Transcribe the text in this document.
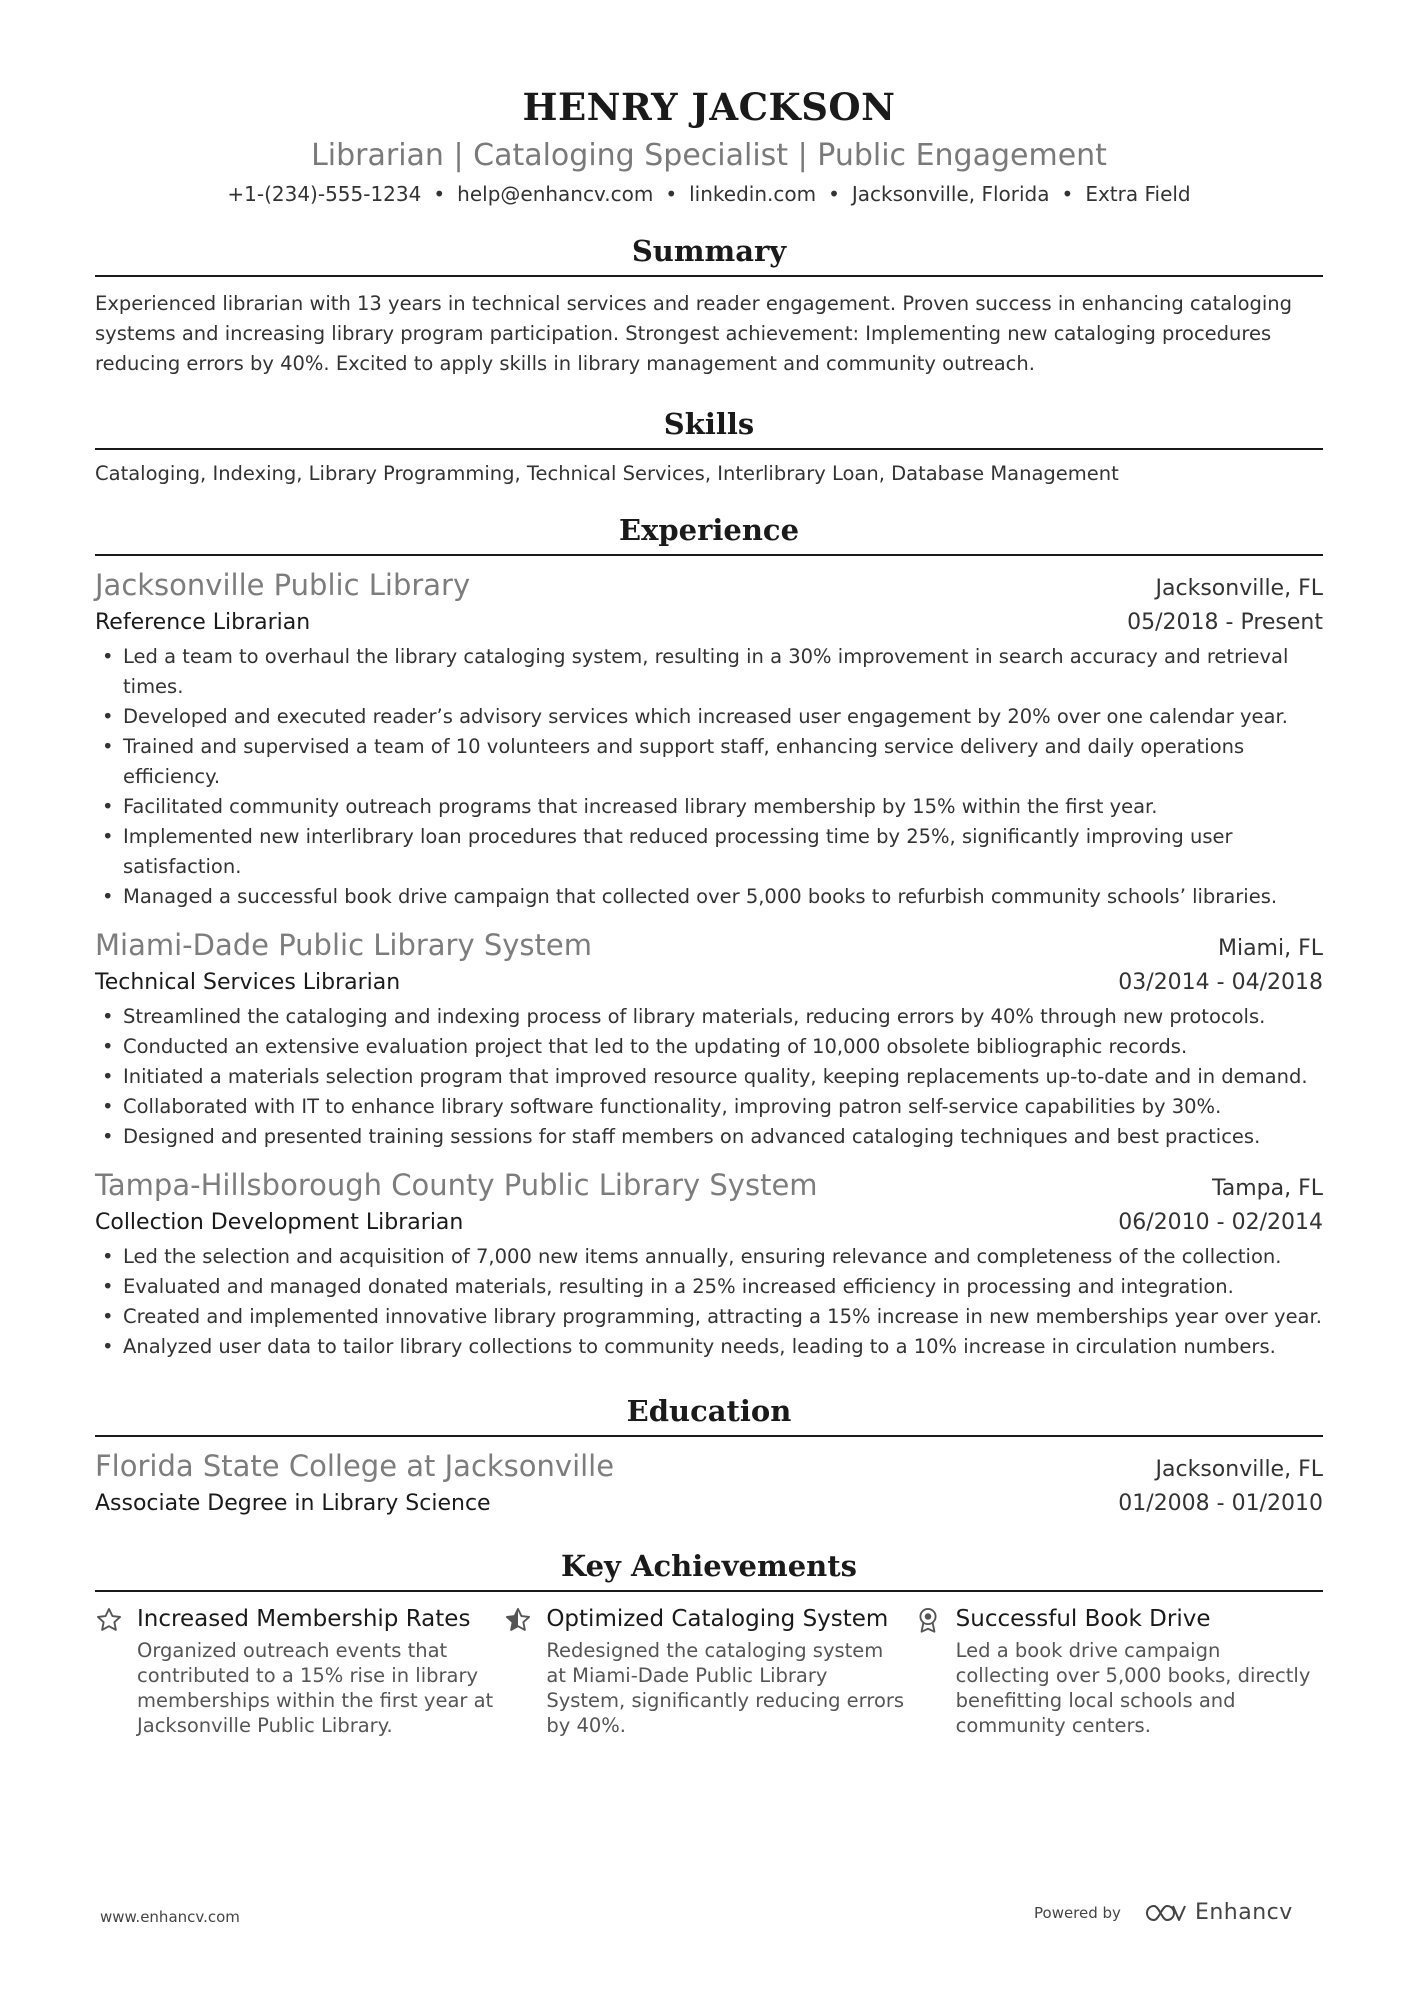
HENRY JACKSON
Librarian | Cataloging Specialist | Public Engagement
+1-(234)-555-1234 • help@enhancv.com • linkedin.com • Jacksonville, Florida • Extra Field
Summary
Experienced librarian with 13 years in technical services and reader engagement. Proven success in enhancing cataloging systems and increasing library program participation. Strongest achievement: Implementing new cataloging procedures reducing errors by 40%. Excited to apply skills in library management and community outreach.
Skills
Cataloging, Indexing, Library Programming, Technical Services, Interlibrary Loan, Database Management
Experience
Jacksonville Public Library	Jacksonville, FL
Reference Librarian	05/2018 - Present
• Led a team to overhaul the library cataloging system, resulting in a 30% improvement in search accuracy and retrieval times.
• Developed and executed reader’s advisory services which increased user engagement by 20% over one calendar year.
• Trained and supervised a team of 10 volunteers and support staff, enhancing service delivery and daily operations efficiency.
• Facilitated community outreach programs that increased library membership by 15% within the first year.
• Implemented new interlibrary loan procedures that reduced processing time by 25%, significantly improving user satisfaction.
• Managed a successful book drive campaign that collected over 5,000 books to refurbish community schools’ libraries.
Miami-Dade Public Library System	Miami, FL
Technical Services Librarian	03/2014 - 04/2018
• Streamlined the cataloging and indexing process of library materials, reducing errors by 40% through new protocols.
• Conducted an extensive evaluation project that led to the updating of 10,000 obsolete bibliographic records.
• Initiated a materials selection program that improved resource quality, keeping replacements up-to-date and in demand.
• Collaborated with IT to enhance library software functionality, improving patron self-service capabilities by 30%.
• Designed and presented training sessions for staff members on advanced cataloging techniques and best practices.
Tampa-Hillsborough County Public Library System	Tampa, FL
Collection Development Librarian	06/2010 - 02/2014
• Led the selection and acquisition of 7,000 new items annually, ensuring relevance and completeness of the collection.
• Evaluated and managed donated materials, resulting in a 25% increased efficiency in processing and integration.
• Created and implemented innovative library programming, attracting a 15% increase in new memberships year over year.
• Analyzed user data to tailor library collections to community needs, leading to a 10% increase in circulation numbers.
Education
Florida State College at Jacksonville	Jacksonville, FL
Associate Degree in Library Science	01/2008 - 01/2010
Key Achievements
Increased Membership Rates
Organized outreach events that contributed to a 15% rise in library memberships within the first year at Jacksonville Public Library.
Optimized Cataloging System
Redesigned the cataloging system at Miami-Dade Public Library System, significantly reducing errors by 40%.
Successful Book Drive
Led a book drive campaign collecting over 5,000 books, directly benefitting local schools and community centers.
www.enhancv.com	Powered by	Enhancv
